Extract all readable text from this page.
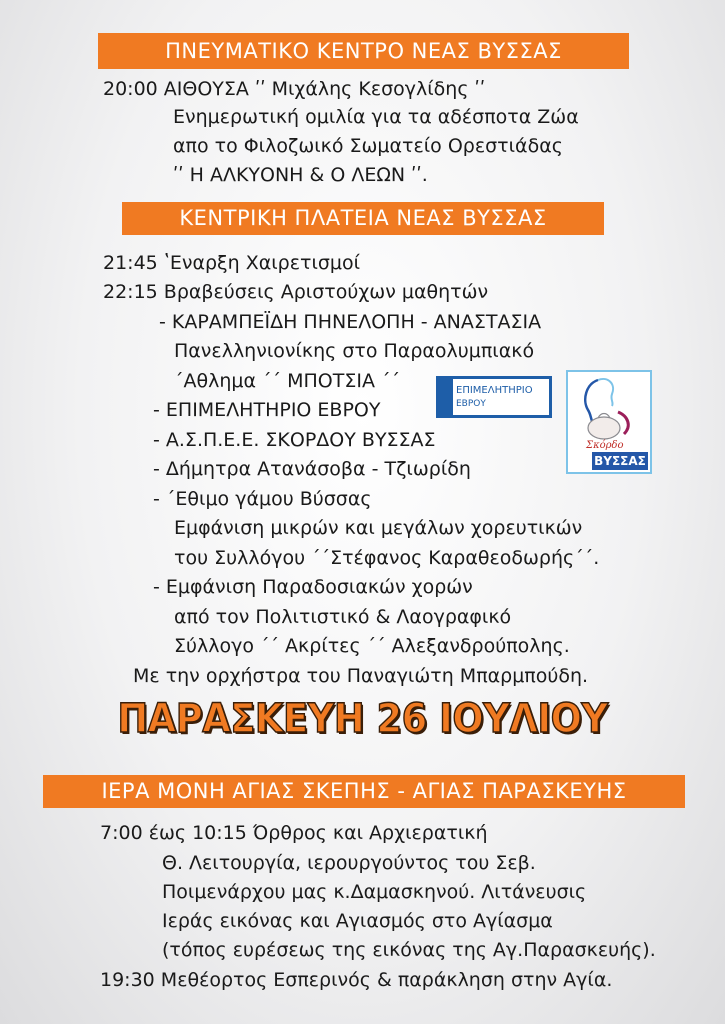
ΠΝΕΥΜΑΤΙΚΟ ΚΕΝΤΡΟ ΝΕΑΣ ΒΥΣΣΑΣ
20:00 ΑΙΘΟΥΣΑ ʹʹ Μιχάλης Κεσογλίδης ʹʹ
Ενημερωτική ομιλία για τα αδέσποτα Ζώα
απο το Φιλοζωικό Σωματείο Ορεστιάδας
ʹʹ Η ΑΛΚΥΟΝΗ & Ο ΛΕΩΝ ʹʹ.
ΚΕΝΤΡΙΚΗ ΠΛΑΤΕΙΑ ΝΕΑΣ ΒΥΣΣΑΣ
21:45 ʽΕναρξη Χαιρετισμοί
22:15 Βραβεύσεις Αριστούχων μαθητών
- ΚΑΡΑΜΠΕΪΔΗ ΠΗΝΕΛΟΠΗ - ΑΝΑΣΤΑΣΙΑ
Πανελληνιονίκης στο Παραολυμπιακό
ˊΑθλημα ˊˊ ΜΠΟΤΣΙΑ ˊˊ
- ΕΠΙΜΕΛΗΤΗΡΙΟ ΕΒΡΟΥ
- Α.Σ.Π.Ε.Ε. ΣΚΟΡΔΟΥ ΒΥΣΣΑΣ
- Δήμητρα Ατανάσοβα - Τζιωρίδη
- ˊΕθιμο γάμου Βύσσας
Εμφάνιση μικρών και μεγάλων χορευτικών
του Συλλόγου ˊˊΣτέφανος Καραθεοδωρήςˊˊ.
- Εμφάνιση Παραδοσιακών χορών
από τον Πολιτιστικό & Λαογραφικό
Σύλλογο ˊˊ Ακρίτες ˊˊ Αλεξανδρούπολης.
Με την ορχήστρα του Παναγιώτη Μπαρμπούδη.
ΕΠΙΜΕΛΗΤΗΡΙΟ
ΕΒΡΟΥ
Σκόρδο
ΒΥΣΣΑΣ
ΠΑΡΑΣΚΕΥΗ 26 ΙΟΥΛΙΟΥ
ΙΕΡΑ ΜΟΝΗ ΑΓΙΑΣ ΣΚΕΠΗΣ - ΑΓΙΑΣ ΠΑΡΑΣΚΕΥΗΣ
7:00 έως 10:15 Όρθρος και Αρχιερατική
Θ. Λειτουργία, ιερουργούντος του Σεβ.
Ποιμενάρχου μας κ.Δαμασκηνού. Λιτάνευσις
Ιεράς εικόνας και Αγιασμός στο Αγίασμα
(τόπος ευρέσεως της εικόνας της Αγ.Παρασκευής).
19:30 Μεθέορτος Εσπερινός & παράκληση στην Αγία.
